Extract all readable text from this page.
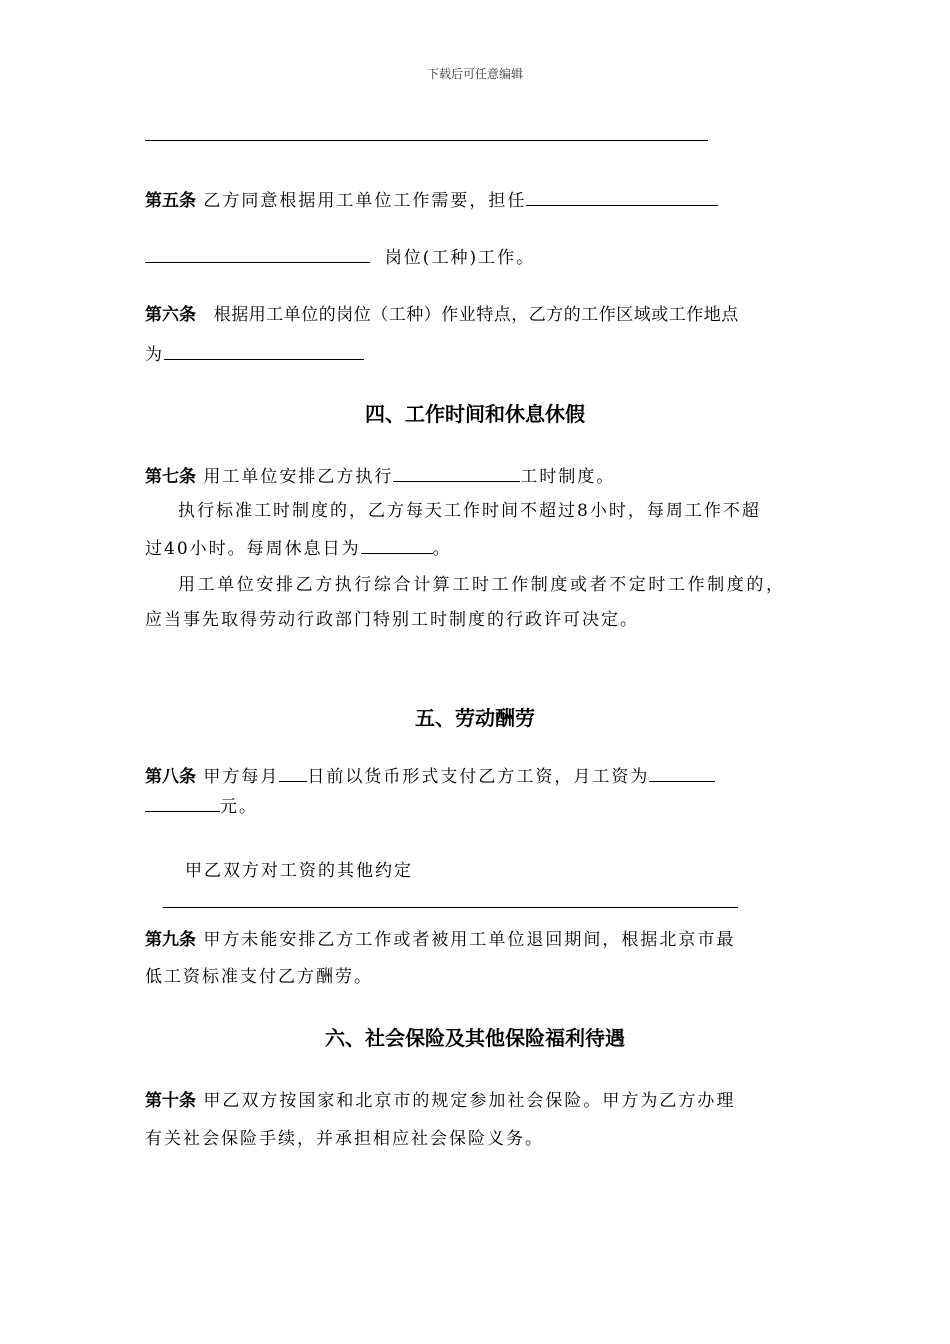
下载后可任意编辑
第五条 乙方同意根据用工单位工作需要，担任
岗位(工种)工作。
第六条 根据用工单位的岗位（工种）作业特点，乙方的工作区域或工作地点
为
四、工作时间和休息休假
第七条 用工单位安排乙方执行	工时制度。
执行标准工时制度的，乙方每天工作时间不超过8小时，每周工作不超
过40小时。每周休息日为	。
用工单位安排乙方执行综合计算工时工作制度或者不定时工作制度的，
应当事先取得劳动行政部门特别工时制度的行政许可决定。
五、劳动酬劳
第八条 甲方每月 日前以货币形式支付乙方工资，月工资为
元。
甲乙双方对工资的其他约定
第九条 甲方未能安排乙方工作或者被用工单位退回期间，根据北京市最
低工资标准支付乙方酬劳。
六、社会保险及其他保险福利待遇
第十条 甲乙双方按国家和北京市的规定参加社会保险。甲方为乙方办理
有关社会保险手续，并承担相应社会保险义务。
